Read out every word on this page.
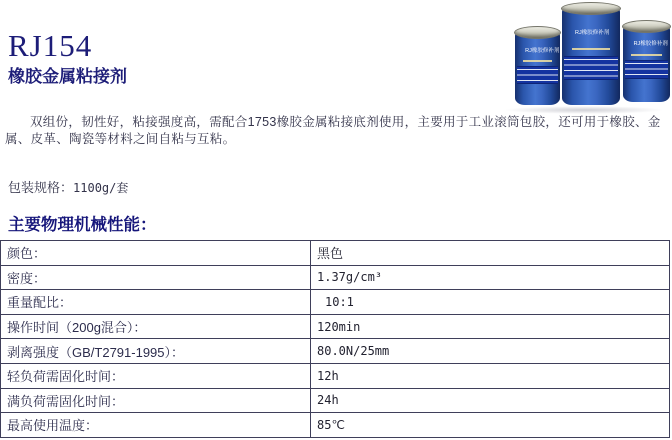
RJ154
橡胶金属粘接剂
RJ橡胶修补剂
RJ橡胶修补剂
RJ橡胶修补剂
双组份，韧性好，粘接强度高，需配合1753橡胶金属粘接底剂使用，主要用于工业滚筒包胶，还可用于橡胶、金属、皮革、陶瓷等材料之间自粘与互粘。
包装规格：1100g/套
主要物理机械性能：
颜色：	黑色
密度：	1.37g/cm³
重量配比：	10:1
操作时间（200g混合）：	120min
剥离强度（GB/T2791-1995）：	80.0N/25mm
轻负荷需固化时间：	12h
满负荷需固化时间：	24h
最高使用温度：	85℃
